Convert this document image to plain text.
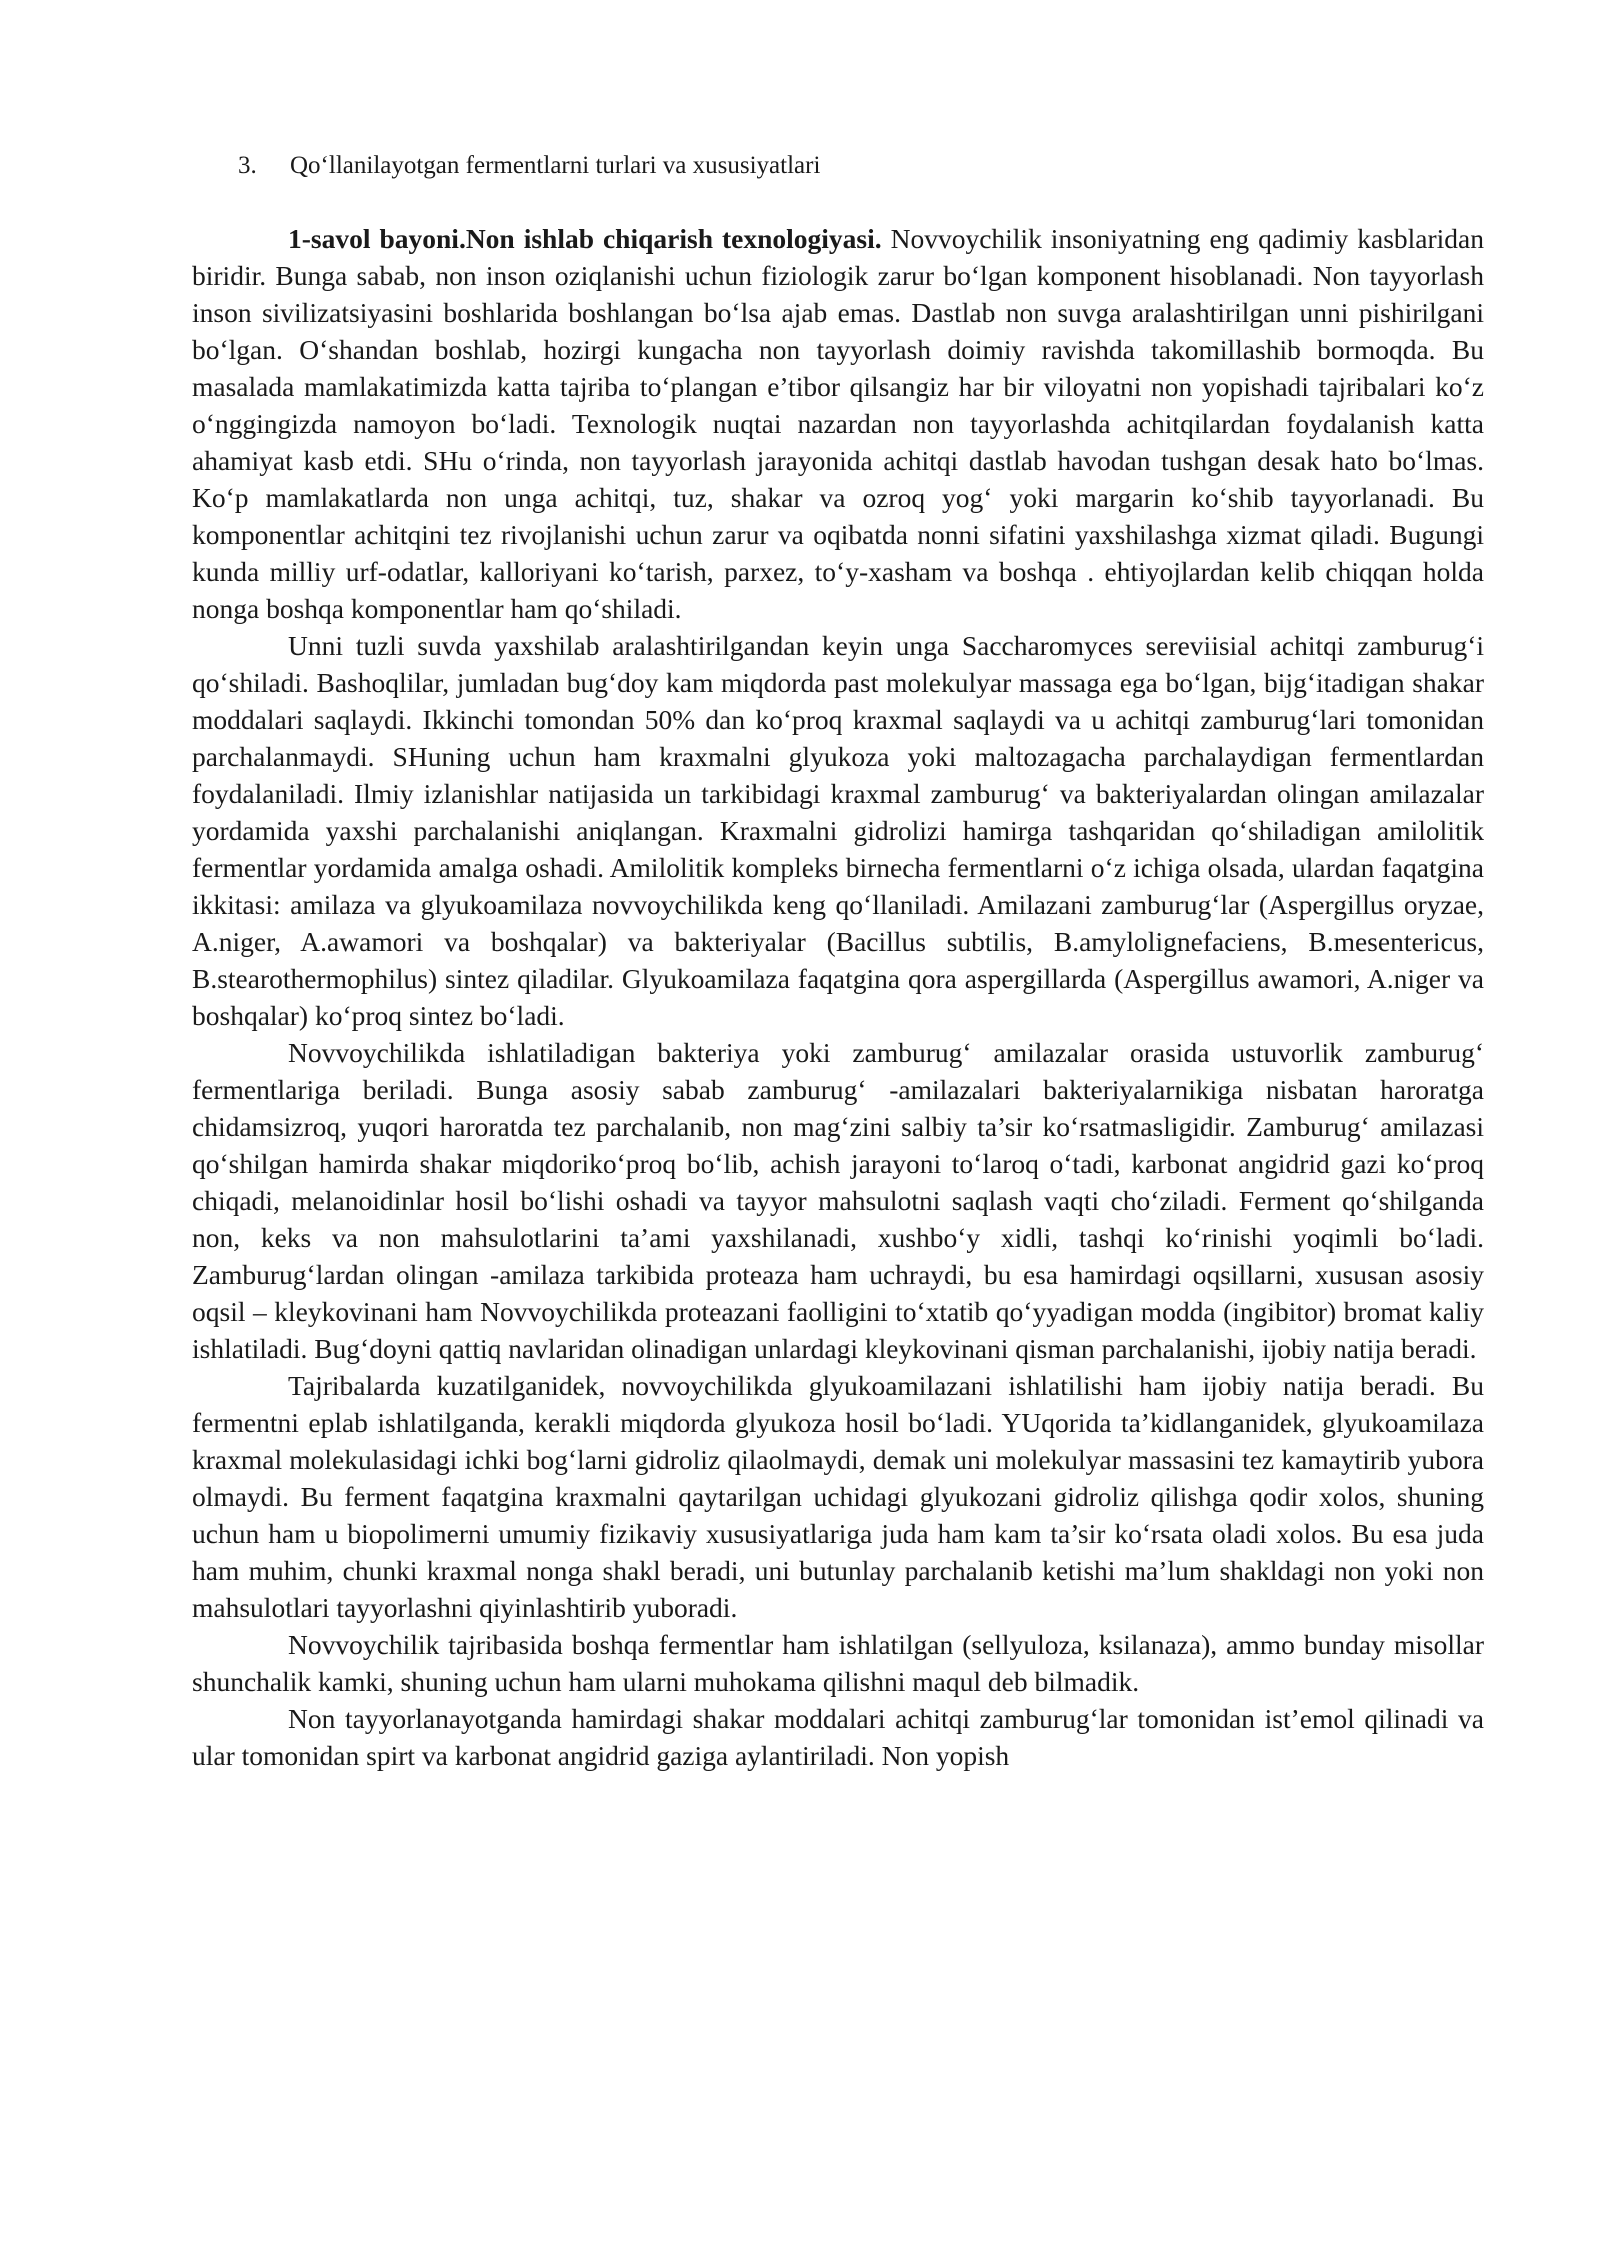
3. Qo‘llanilayotgan fermentlarni turlari va xususiyatlari

1-savol bayoni.Non ishlab chiqarish texnologiyasi. Novvoychilik insoniyatning eng qadimiy kasblaridan biridir. Bunga sabab, non inson oziqlanishi uchun fiziologik zarur bo‘lgan komponent hisoblanadi. Non tayyorlash inson sivilizatsiyasini boshlarida boshlangan bo‘lsa ajab emas. Dastlab non suvga aralashtirilgan unni pishirilgani bo‘lgan. O‘shandan boshlab, hozirgi kungacha non tayyorlash doimiy ravishda takomillashib bormoqda. Bu masalada mamlakatimizda katta tajriba to‘plangan e’tibor qilsangiz har bir viloyatni non yopishadi tajribalari ko‘z o‘nggingizda namoyon bo‘ladi. Texnologik nuqtai nazardan non tayyorlashda achitqilardan foydalanish katta ahamiyat kasb etdi. SHu o‘rinda, non tayyorlash jarayonida achitqi dastlab havodan tushgan desak hato bo‘lmas. Ko‘p mamlakatlarda non unga achitqi, tuz, shakar va ozroq yog‘ yoki margarin ko‘shib tayyorlanadi. Bu komponentlar achitqini tez rivojlanishi uchun zarur va oqibatda nonni sifatini yaxshilashga xizmat qiladi. Bugungi kunda milliy urf-odatlar, kalloriyani ko‘tarish, parxez, to‘y-xasham va boshqa . ehtiyojlardan kelib chiqqan holda nonga boshqa komponentlar ham qo‘shiladi.

Unni tuzli suvda yaxshilab aralashtirilgandan keyin unga Saccharomyces sereviisial achitqi zamburug‘i qo‘shiladi. Bashoqlilar, jumladan bug‘doy kam miqdorda past molekulyar massaga ega bo‘lgan, bijg‘itadigan shakar moddalari saqlaydi. Ikkinchi tomondan 50% dan ko‘proq kraxmal saqlaydi va u achitqi zamburug‘lari tomonidan parchalanmaydi. SHuning uchun ham kraxmalni glyukoza yoki maltozagacha parchalaydigan fermentlardan foydalaniladi. Ilmiy izlanishlar natijasida un tarkibidagi kraxmal zamburug‘ va bakteriyalardan olingan amilazalar yordamida yaxshi parchalanishi aniqlangan. Kraxmalni gidrolizi hamirga tashqaridan qo‘shiladigan amilolitik fermentlar yordamida amalga oshadi. Amilolitik kompleks birnecha fermentlarni o‘z ichiga olsada, ulardan faqatgina ikkitasi: amilaza va glyukoamilaza novvoychilikda keng qo‘llaniladi. Amilazani zamburug‘lar (Aspergillus oryzae, A.niger, A.awamori va boshqalar) va bakteriyalar (Bacillus subtilis, B.amylolignefaciens, B.mesentericus, B.stearothermophilus) sintez qiladilar. Glyukoamilaza faqatgina qora aspergillarda (Aspergillus awamori, A.niger va boshqalar) ko‘proq sintez bo‘ladi.

Novvoychilikda ishlatiladigan bakteriya yoki zamburug‘ amilazalar orasida ustuvorlik zamburug‘ fermentlariga beriladi. Bunga asosiy sabab zamburug‘ -amilazalari bakteriyalarnikiga nisbatan haroratga chidamsizroq, yuqori haroratda tez parchalanib, non mag‘zini salbiy ta’sir ko‘rsatmasligidir. Zamburug‘ amilazasi qo‘shilgan hamirda shakar miqdoriko‘proq bo‘lib, achish jarayoni to‘laroq o‘tadi, karbonat angidrid gazi ko‘proq chiqadi, melanoidinlar hosil bo‘lishi oshadi va tayyor mahsulotni saqlash vaqti cho‘ziladi. Ferment qo‘shilganda non, keks va non mahsulotlarini ta’ami yaxshilanadi, xushbo‘y xidli, tashqi ko‘rinishi yoqimli bo‘ladi. Zamburug‘lardan olingan -amilaza tarkibida proteaza ham uchraydi, bu esa hamirdagi oqsillarni, xususan asosiy oqsil – kleykovinani ham Novvoychilikda proteazani faolligini to‘xtatib qo‘yyadigan modda (ingibitor) bromat kaliy ishlatiladi. Bug‘doyni qattiq navlaridan olinadigan unlardagi kleykovinani qisman parchalanishi, ijobiy natija beradi.

Tajribalarda kuzatilganidek, novvoychilikda glyukoamilazani ishlatilishi ham ijobiy natija beradi. Bu fermentni eplab ishlatilganda, kerakli miqdorda glyukoza hosil bo‘ladi. YUqorida ta’kidlanganidek, glyukoamilaza kraxmal molekulasidagi ichki bog‘larni gidroliz qilaolmaydi, demak uni molekulyar massasini tez kamaytirib yubora olmaydi. Bu ferment faqatgina kraxmalni qaytarilgan uchidagi glyukozani gidroliz qilishga qodir xolos, shuning uchun ham u biopolimerni umumiy fizikaviy xususiyatlariga juda ham kam ta’sir ko‘rsata oladi xolos. Bu esa juda ham muhim, chunki kraxmal nonga shakl beradi, uni butunlay parchalanib ketishi ma’lum shakldagi non yoki non mahsulotlari tayyorlashni qiyinlashtirib yuboradi.

Novvoychilik tajribasida boshqa fermentlar ham ishlatilgan (sellyuloza, ksilanaza), ammo bunday misollar shunchalik kamki, shuning uchun ham ularni muhokama qilishni maqul deb bilmadik.

Non tayyorlanayotganda hamirdagi shakar moddalari achitqi zamburug‘lar tomonidan ist’emol qilinadi va ular tomonidan spirt va karbonat angidrid gaziga aylantiriladi. Non yopish
